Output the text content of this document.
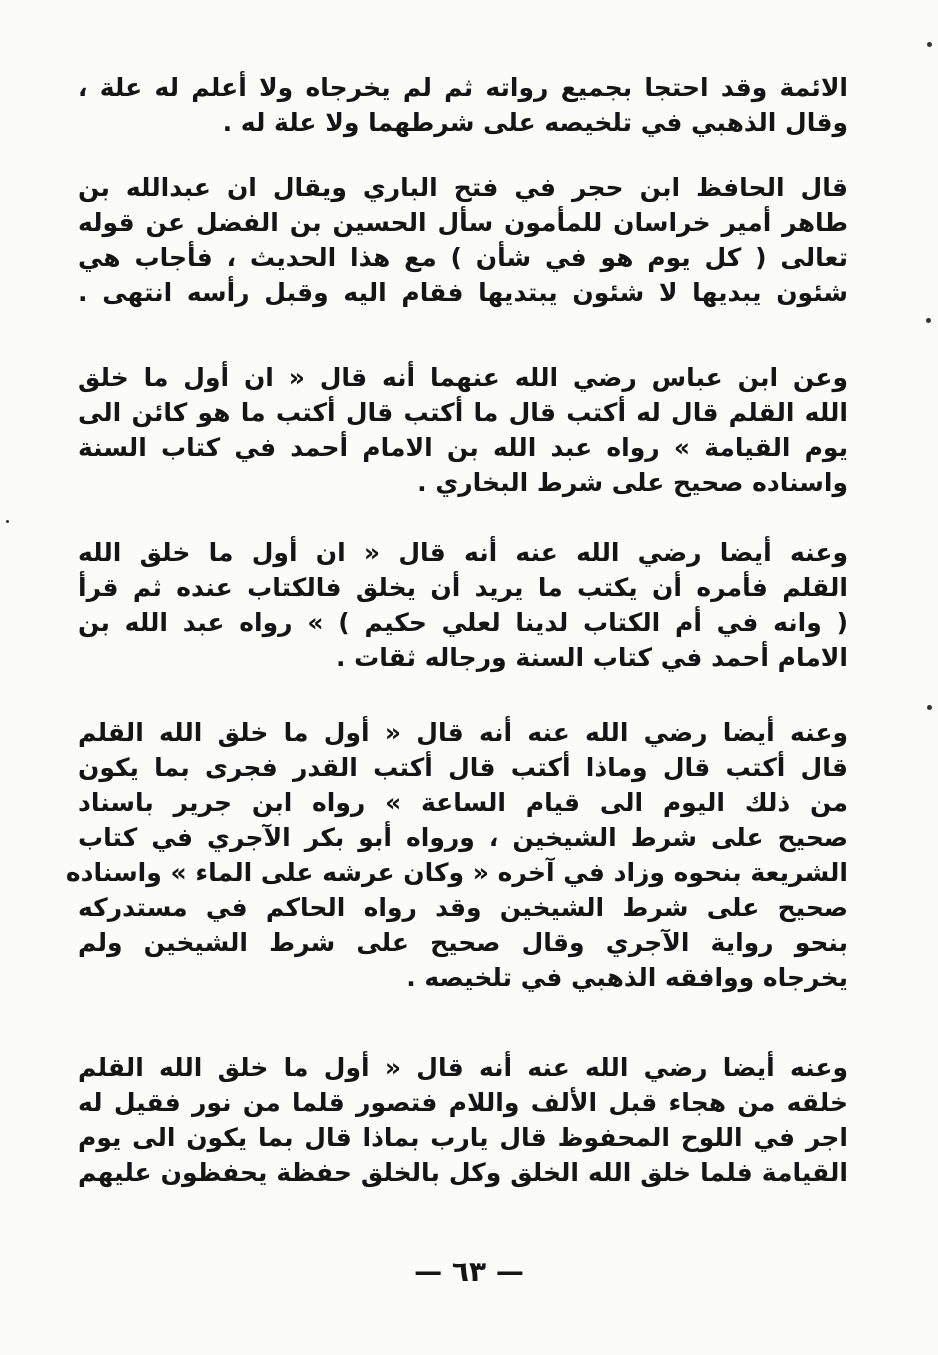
الائمة وقد احتجا بجميع رواته ثم لم يخرجاه ولا أعلم له علة ،
وقال الذهبي في تلخيصه على شرطهما ولا علة له .
قال الحافظ ابن حجر في فتح الباري ويقال ان عبدالله بن
طاهر أمير خراسان للمأمون سأل الحسين بن الفضل عن قوله
تعالى ( كل يوم هو في شأن ) مع هذا الحديث ، فأجاب هي
شئون يبديها لا شئون يبتديها فقام اليه وقبل رأسه انتهى .
وعن ابن عباس رضي الله عنهما أنه قال « ان أول ما خلق
الله القلم قال له أكتب قال ما أكتب قال أكتب ما هو كائن الى
يوم القيامة » رواه عبد الله بن الامام أحمد في كتاب السنة
واسناده صحيح على شرط البخاري .
وعنه أيضا رضي الله عنه أنه قال « ان أول ما خلق الله
القلم فأمره أن يكتب ما يريد أن يخلق فالكتاب عنده ثم قرأ
( وانه في أم الكتاب لدينا لعلي حكيم ) » رواه عبد الله بن
الامام أحمد في كتاب السنة ورجاله ثقات .
وعنه أيضا رضي الله عنه أنه قال « أول ما خلق الله القلم
قال أكتب قال وماذا أكتب قال أكتب القدر فجرى بما يكون
من ذلك اليوم الى قيام الساعة » رواه ابن جرير باسناد
صحيح على شرط الشيخين ، ورواه أبو بكر الآجري في كتاب
الشريعة بنحوه وزاد في آخره « وكان عرشه على الماء » واسناده
صحيح على شرط الشيخين وقد رواه الحاكم في مستدركه
بنحو رواية الآجري وقال صحيح على شرط الشيخين ولم
يخرجاه ووافقه الذهبي في تلخيصه .
وعنه أيضا رضي الله عنه أنه قال « أول ما خلق الله القلم
خلقه من هجاء قبل الألف واللام فتصور قلما من نور فقيل له
اجر في اللوح المحفوظ قال يارب بماذا قال بما يكون الى يوم
القيامة فلما خلق الله الخلق وكل بالخلق حفظة يحفظون عليهم
— ٦٣ —
